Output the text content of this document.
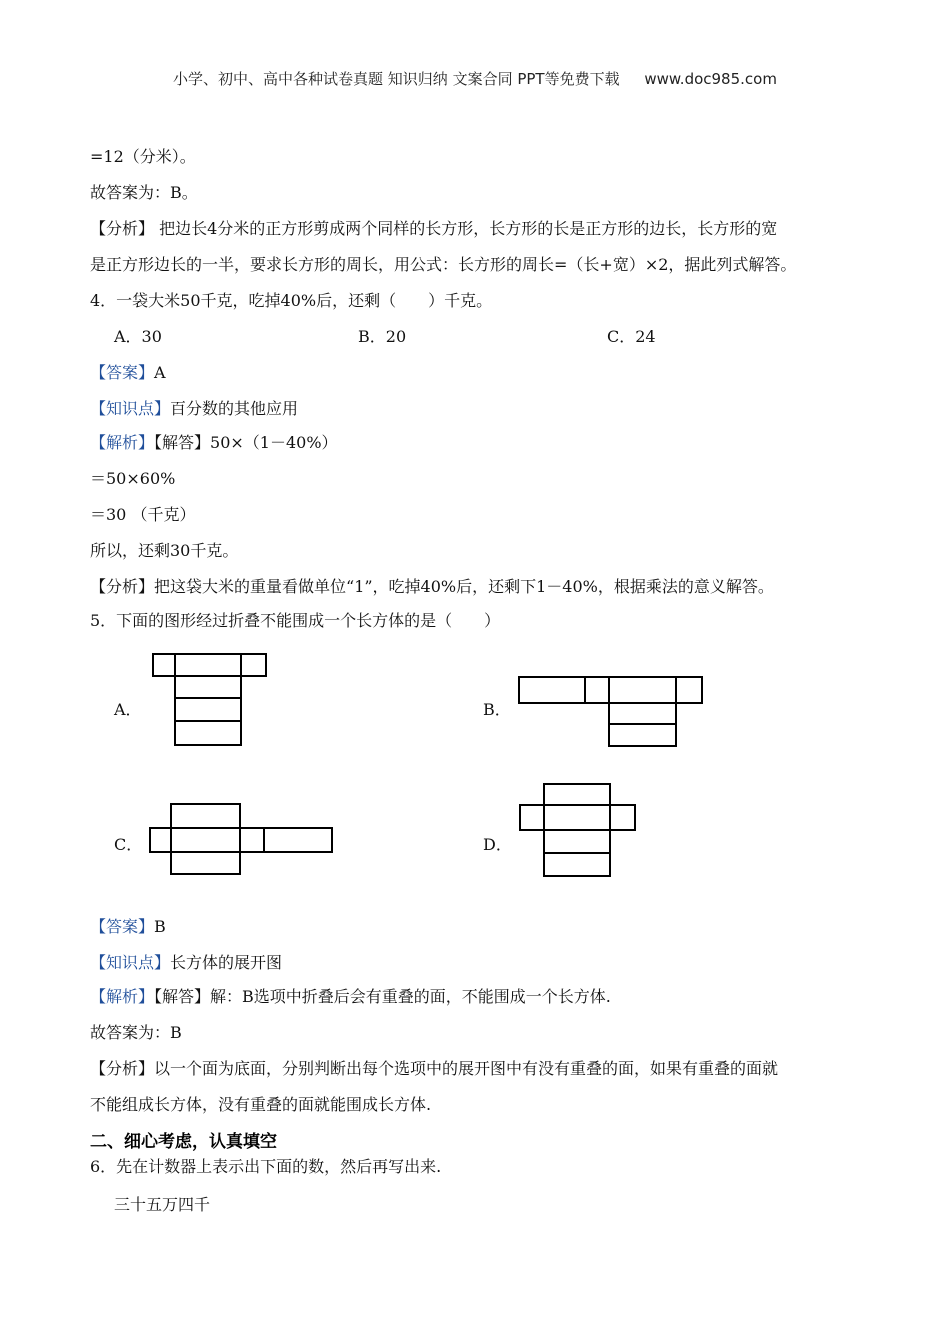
小学、初中、高中各种试卷真题 知识归纳 文案合同 PPT等免费下载 www.doc985.com
=12（分米）。
故答案为：B。
【分析】 把边长4分米的正方形剪成两个同样的长方形，长方形的长是正方形的边长，长方形的宽
是正方形边长的一半，要求长方形的周长，用公式：长方形的周长=（长+宽）×2，据此列式解答。
4．一袋大米50千克，吃掉40%后，还剩（　　）千克。
A．30	B．20	C．24
【答案】A
【知识点】百分数的其他应用
【解析】【解答】50×（1－40%）
＝50×60%
＝30 （千克）
所以，还剩30千克。
【分析】把这袋大米的重量看做单位“1”，吃掉40%后，还剩下1－40%，根据乘法的意义解答。
5．下面的图形经过折叠不能围成一个长方体的是（　　）
A．	B．
C．	D．
【答案】B
【知识点】长方体的展开图
【解析】【解答】解：B选项中折叠后会有重叠的面，不能围成一个长方体.
故答案为：B
【分析】以一个面为底面，分别判断出每个选项中的展开图中有没有重叠的面，如果有重叠的面就
不能组成长方体，没有重叠的面就能围成长方体.
二、细心考虑，认真填空
6．先在计数器上表示出下面的数，然后再写出来.
三十五万四千
